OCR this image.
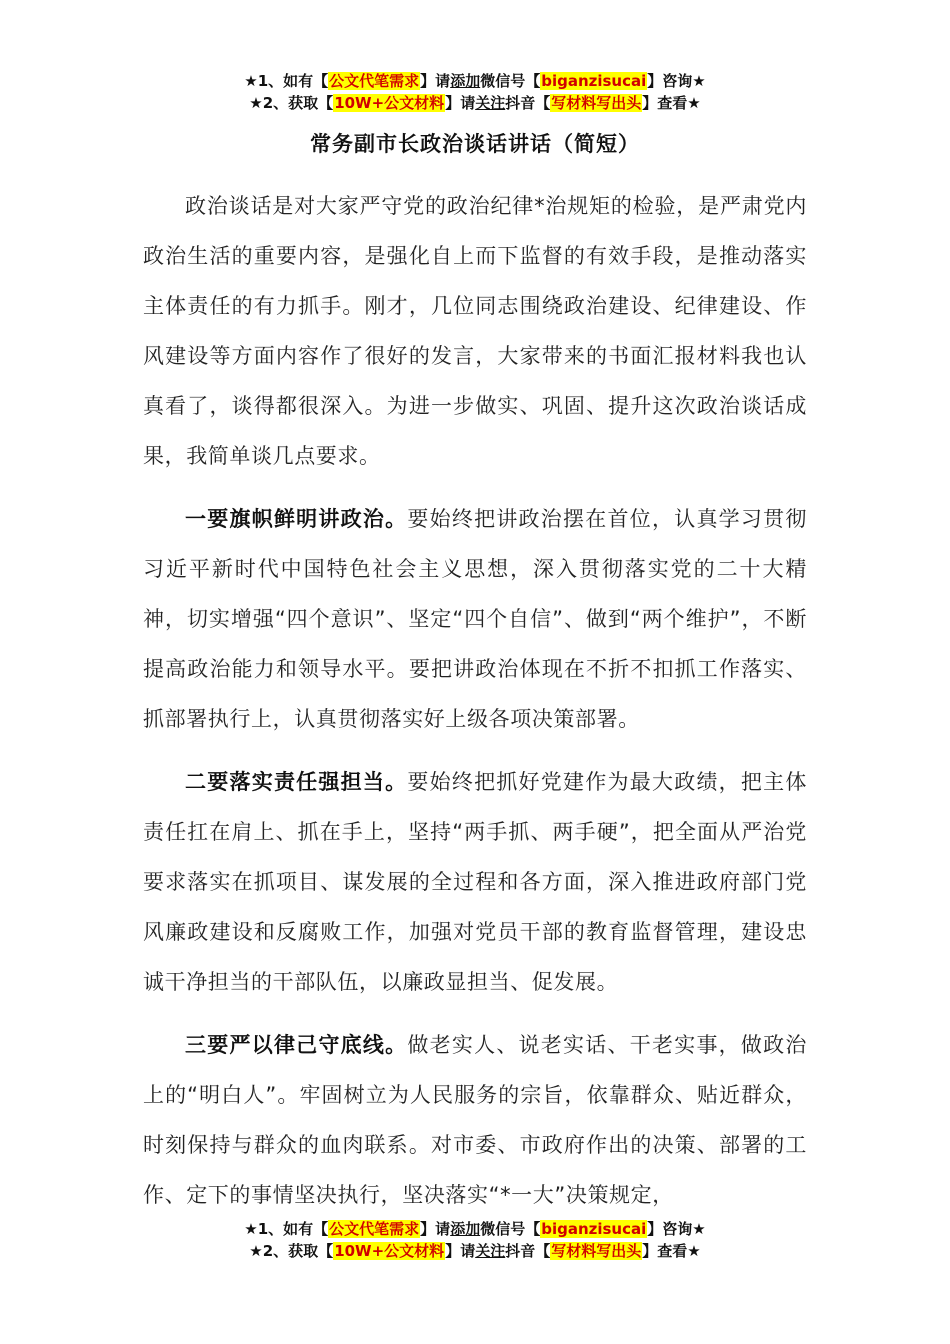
★1、如有【公文代笔需求】请添加微信号【biganzisucai】咨询★
★2、获取【10W+公文材料】请关注抖音【写材料写出头】查看★
常务副市长政治谈话讲话（简短）

政治谈话是对大家严守党的政治纪律*治规矩的检验，是严肃党内政治生活的重要内容，是强化自上而下监督的有效手段，是推动落实主体责任的有力抓手。刚才，几位同志围绕政治建设、纪律建设、作风建设等方面内容作了很好的发言，大家带来的书面汇报材料我也认真看了，谈得都很深入。为进一步做实、巩固、提升这次政治谈话成果，我简单谈几点要求。

一要旗帜鲜明讲政治。要始终把讲政治摆在首位，认真学习贯彻习近平新时代中国特色社会主义思想，深入贯彻落实党的二十大精神，切实增强“四个意识”、坚定“四个自信”、做到“两个维护”，不断提高政治能力和领导水平。要把讲政治体现在不折不扣抓工作落实、抓部署执行上，认真贯彻落实好上级各项决策部署。

二要落实责任强担当。要始终把抓好党建作为最大政绩，把主体责任扛在肩上、抓在手上，坚持“两手抓、两手硬”，把全面从严治党要求落实在抓项目、谋发展的全过程和各方面，深入推进政府部门党风廉政建设和反腐败工作，加强对党员干部的教育监督管理，建设忠诚干净担当的干部队伍，以廉政显担当、促发展。

三要严以律己守底线。做老实人、说老实话、干老实事，做政治上的“明白人”。牢固树立为人民服务的宗旨，依靠群众、贴近群众，时刻保持与群众的血肉联系。对市委、市政府作出的决策、部署的工作、定下的事情坚决执行，坚决落实“*一大”决策规定，

★1、如有【公文代笔需求】请添加微信号【biganzisucai】咨询★
★2、获取【10W+公文材料】请关注抖音【写材料写出头】查看★
